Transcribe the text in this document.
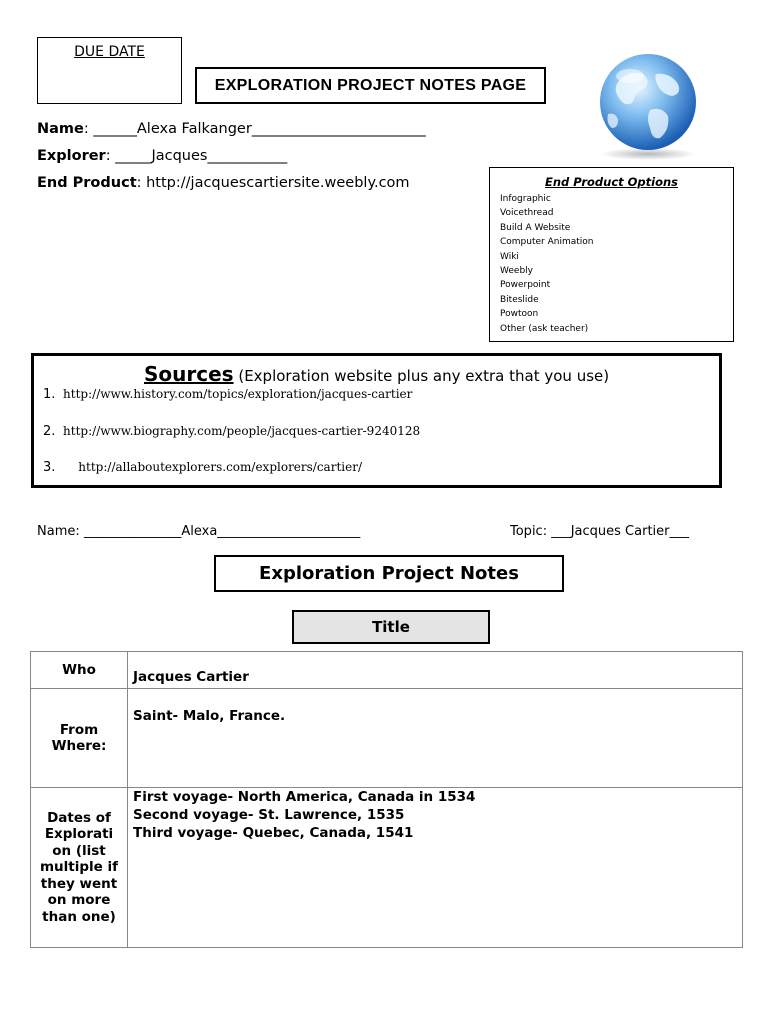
DUE DATE
EXPLORATION PROJECT NOTES PAGE
Name: ______Alexa Falkanger________________________
Explorer: _____Jacques___________
End Product: http://jacquescartiersite.weebly.com	End Product Options
Infographic
Voicethread
Build A Website
Computer Animation
Wiki
Weebly
Powerpoint
Biteslide
Powtoon
Other (ask teacher)
Sources (Exploration website plus any extra that you use)
1. http://www.history.com/topics/exploration/jacques-cartier
2. http://www.biography.com/people/jacques-cartier-9240128
3. http://allaboutexplorers.com/explorers/cartier/
Name: _______________Alexa______________________	Topic: ___Jacques Cartier___
Exploration Project Notes
Title
Who	Jacques Cartier

From Where:	Saint- Malo, France.

Dates of Explorati on (list multiple if they went on more than one)	First voyage- North America, Canada in 1534
Second voyage- St. Lawrence, 1535
Third voyage- Quebec, Canada, 1541
